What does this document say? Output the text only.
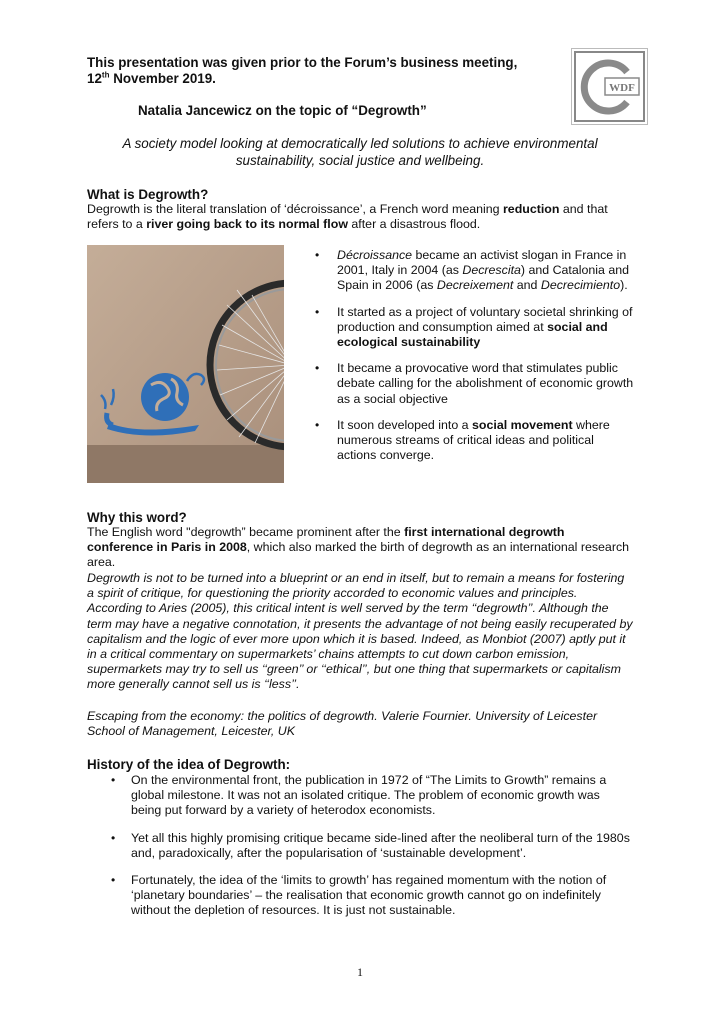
This presentation was given prior to the Forum’s business meeting,
12th November 2019.
WDF
Natalia Jancewicz on the topic of “Degrowth”
A society model looking at democratically led solutions to achieve environmental sustainability, social justice and wellbeing.
What is Degrowth?
Degrowth is the literal translation of ‘décroissance’, a French word meaning reduction and that refers to a river going back to its normal flow after a disastrous flood.
• Décroissance became an activist slogan in France in 2001, Italy in 2004 (as Decrescita) and Catalonia and Spain in 2006 (as Decreixement and Decrecimiento).
• It started as a project of voluntary societal shrinking of production and consumption aimed at social and ecological sustainability
• It became a provocative word that stimulates public debate calling for the abolishment of economic growth as a social objective
• It soon developed into a social movement where numerous streams of critical ideas and political actions converge.
Why this word?
The English word "degrowth” became prominent after the first international degrowth conference in Paris in 2008, which also marked the birth of degrowth as an international research area.
Degrowth is not to be turned into a blueprint or an end in itself, but to remain a means for fostering a spirit of critique, for questioning the priority accorded to economic values and principles. According to Aries (2005), this critical intent is well served by the term ‘‘degrowth’’. Although the term may have a negative connotation, it presents the advantage of not being easily recuperated by capitalism and the logic of ever more upon which it is based. Indeed, as Monbiot (2007) aptly put it in a critical commentary on supermarkets’ chains attempts to cut down carbon emission, supermarkets may try to sell us ‘‘green’’ or ‘‘ethical’’, but one thing that supermarkets or capitalism more generally cannot sell us is ‘‘less’’.
Escaping from the economy: the politics of degrowth. Valerie Fournier. University of Leicester School of Management, Leicester, UK
History of the idea of Degrowth:
• On the environmental front, the publication in 1972 of “The Limits to Growth” remains a global milestone. It was not an isolated critique. The problem of economic growth was being put forward by a variety of heterodox economists.
• Yet all this highly promising critique became side-lined after the neoliberal turn of the 1980s and, paradoxically, after the popularisation of ‘sustainable development’.
• Fortunately, the idea of the ‘limits to growth’ has regained momentum with the notion of ‘planetary boundaries’ – the realisation that economic growth cannot go on indefinitely without the depletion of resources. It is just not sustainable.
1
